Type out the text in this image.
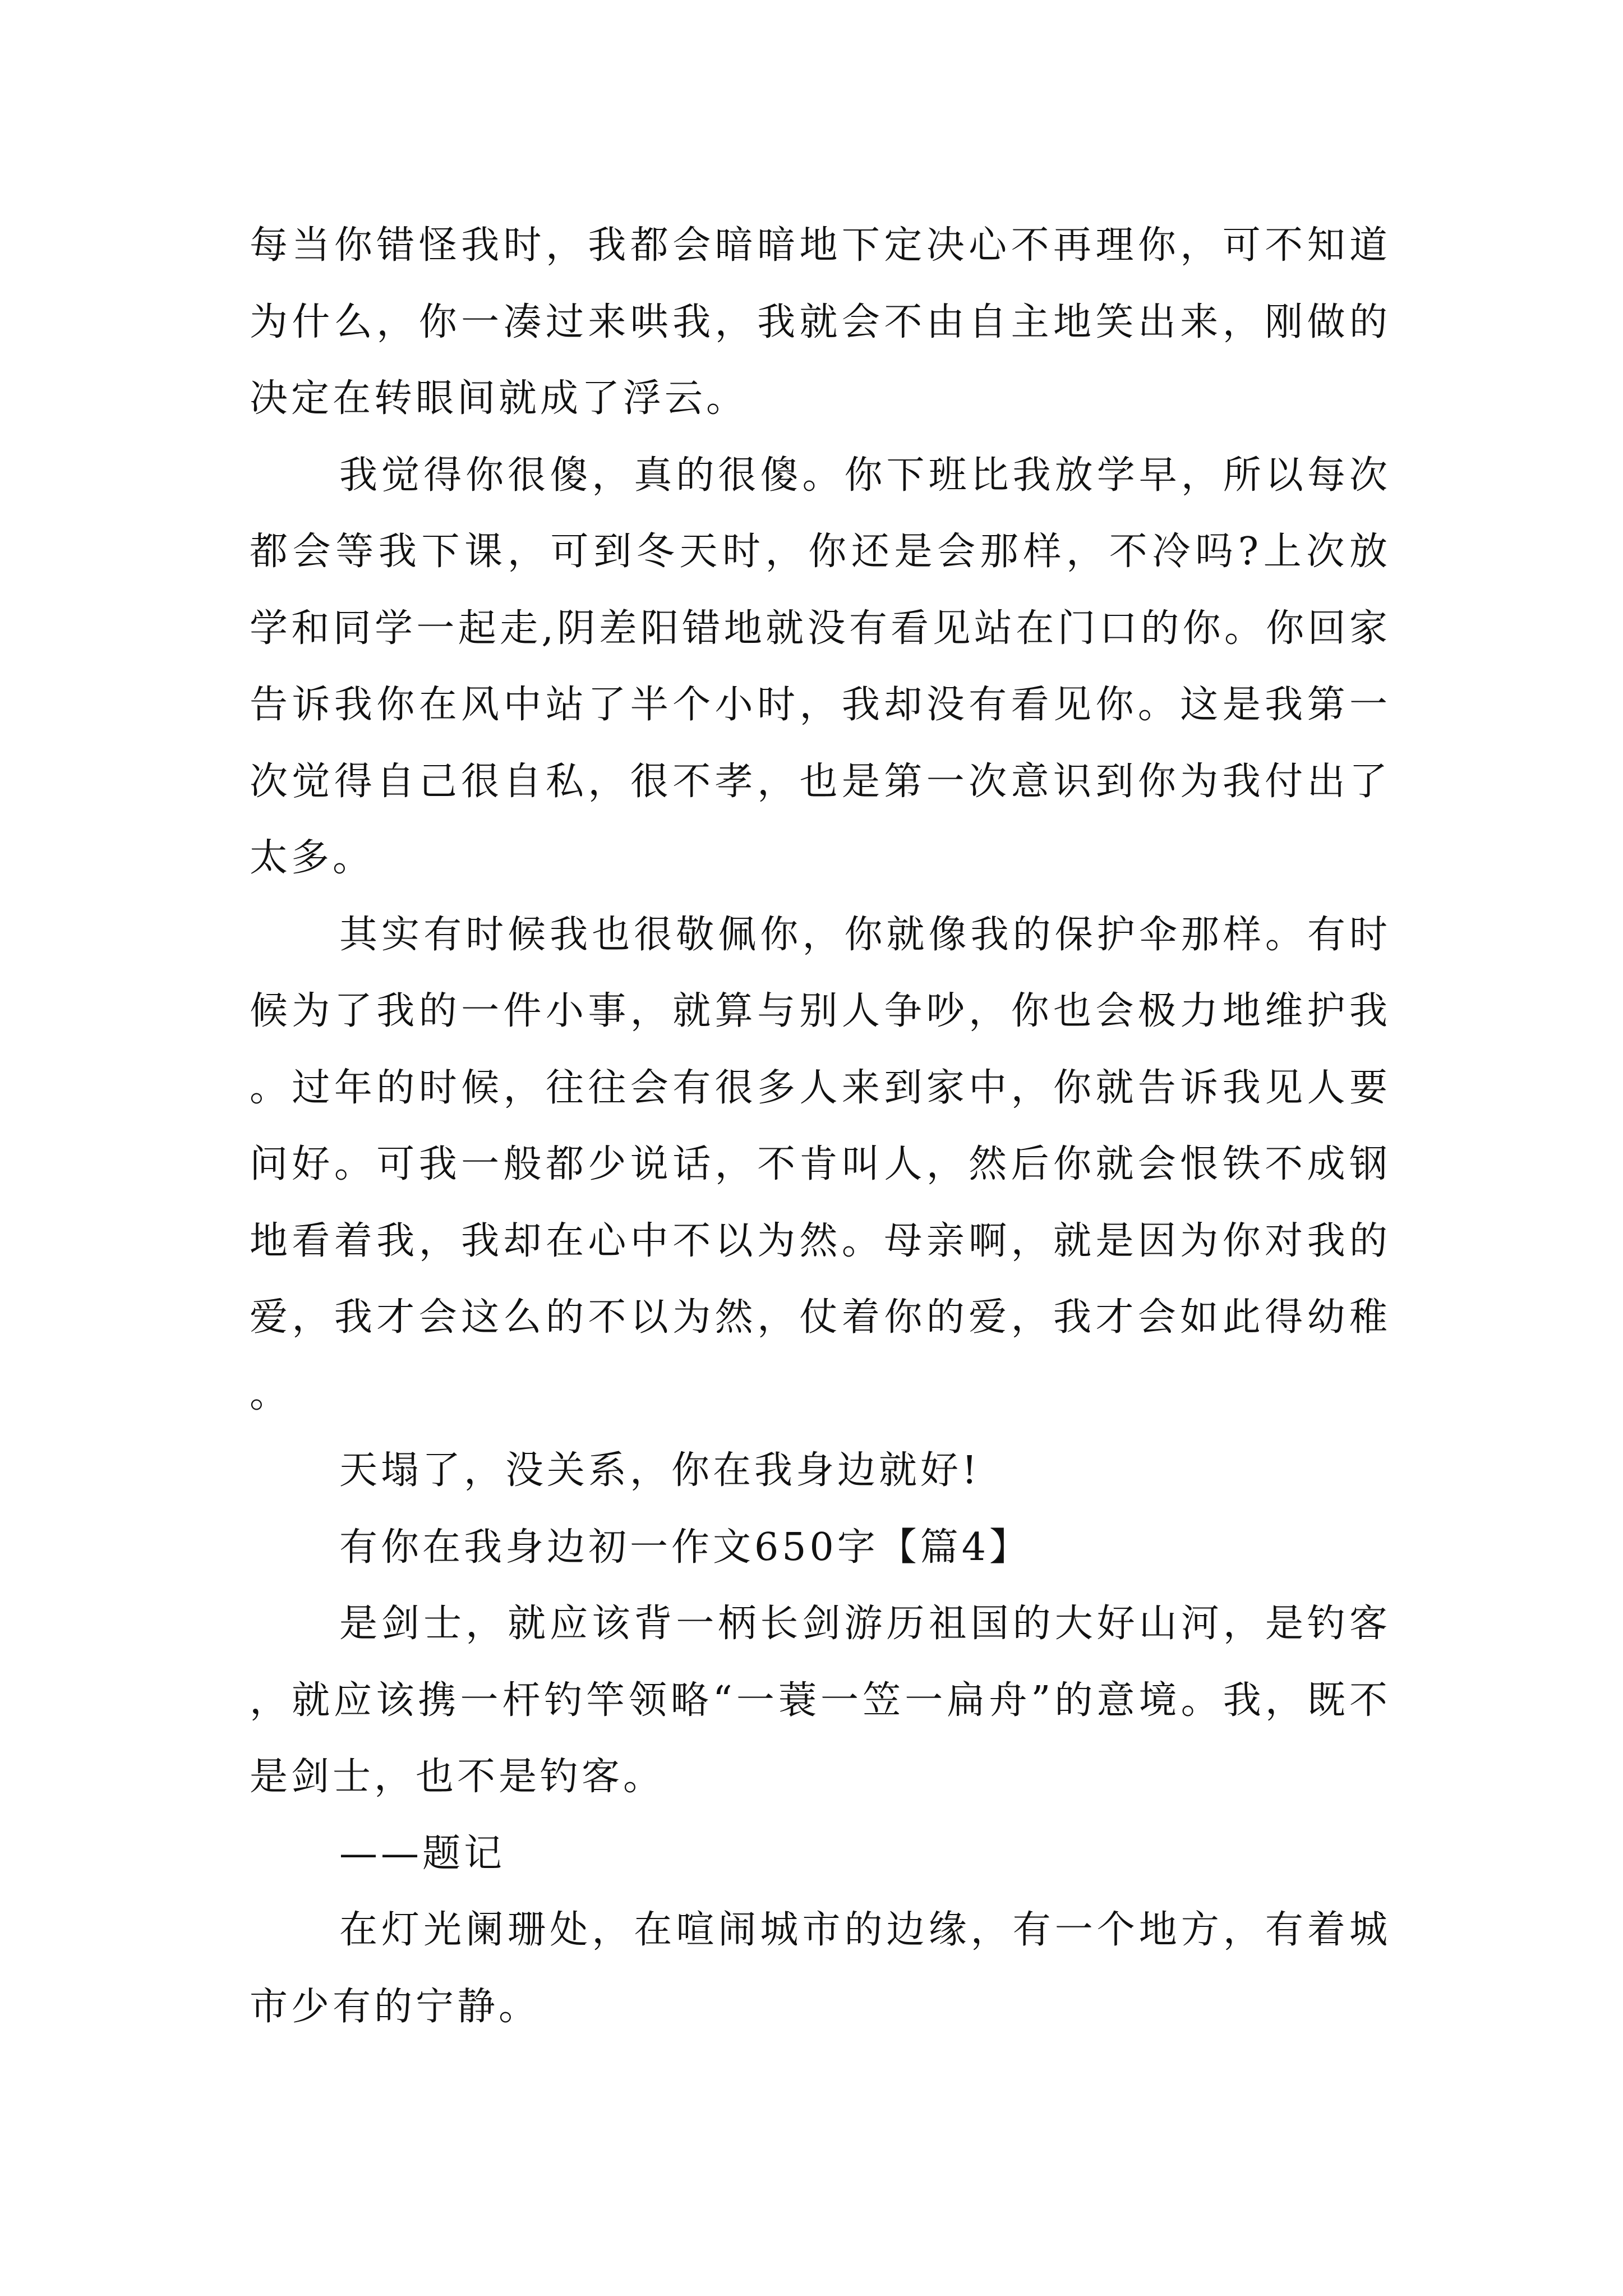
每当你错怪我时，我都会暗暗地下定决心不再理你，可不知道为什么，你一凑过来哄我，我就会不由自主地笑出来，刚做的决定在转眼间就成了浮云。

我觉得你很傻，真的很傻。你下班比我放学早，所以每次都会等我下课，可到冬天时，你还是会那样，不冷吗?上次放学和同学一起走,阴差阳错地就没有看见站在门口的你。你回家告诉我你在风中站了半个小时，我却没有看见你。这是我第一次觉得自己很自私，很不孝，也是第一次意识到你为我付出了太多。

其实有时候我也很敬佩你，你就像我的保护伞那样。有时候为了我的一件小事，就算与别人争吵，你也会极力地维护我。过年的时候，往往会有很多人来到家中，你就告诉我见人要问好。可我一般都少说话，不肯叫人，然后你就会恨铁不成钢地看着我，我却在心中不以为然。母亲啊，就是因为你对我的爱，我才会这么的不以为然，仗着你的爱，我才会如此得幼稚。

天塌了，没关系，你在我身边就好!

有你在我身边初一作文650字【篇4】

是剑士，就应该背一柄长剑游历祖国的大好山河，是钓客，就应该携一杆钓竿领略“一蓑一笠一扁舟”的意境。我，既不是剑士，也不是钓客。

——题记

在灯光阑珊处，在喧闹城市的边缘，有一个地方，有着城市少有的宁静。
